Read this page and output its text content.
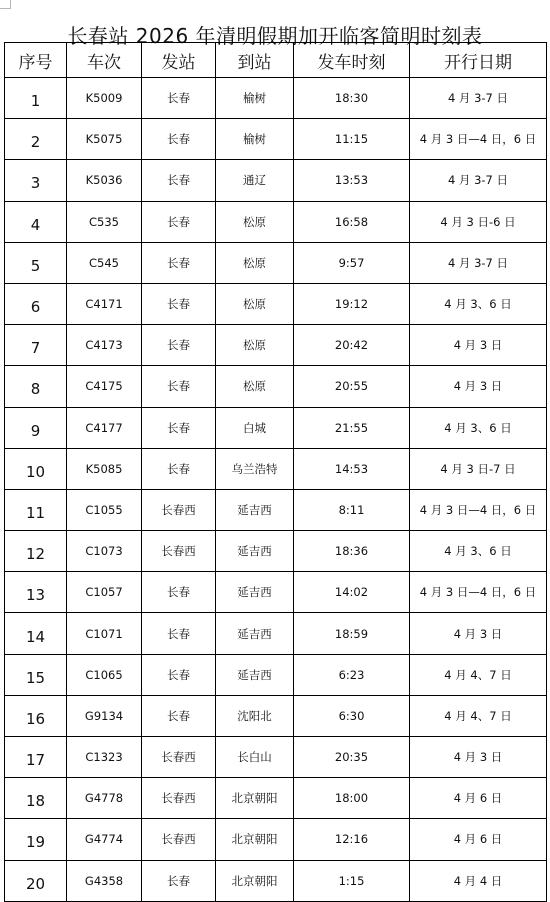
长春站 2026 年清明假期加开临客简明时刻表
序号	车次	发站	到站	发车时刻	开行日期
1	K5009	长春	榆树	18:30	4 月 3-7 日
2	K5075	长春	榆树	11:15	4 月 3 日—4 日，6 日
3	K5036	长春	通辽	13:53	4 月 3-7 日
4	C535	长春	松原	16:58	4 月 3 日-6 日
5	C545	长春	松原	9:57	4 月 3-7 日
6	C4171	长春	松原	19:12	4 月 3、6 日
7	C4173	长春	松原	20:42	4 月 3 日
8	C4175	长春	松原	20:55	4 月 3 日
9	C4177	长春	白城	21:55	4 月 3、6 日
10	K5085	长春	乌兰浩特	14:53	4 月 3 日-7 日
11	C1055	长春西	延吉西	8:11	4 月 3 日—4 日，6 日
12	C1073	长春西	延吉西	18:36	4 月 3、6 日
13	C1057	长春	延吉西	14:02	4 月 3 日—4 日，6 日
14	C1071	长春	延吉西	18:59	4 月 3 日
15	C1065	长春	延吉西	6:23	4 月 4、7 日
16	G9134	长春	沈阳北	6:30	4 月 4、7 日
17	C1323	长春西	长白山	20:35	4 月 3 日
18	G4778	长春西	北京朝阳	18:00	4 月 6 日
19	G4774	长春西	北京朝阳	12:16	4 月 6 日
20	G4358	长春	北京朝阳	1:15	4 月 4 日
